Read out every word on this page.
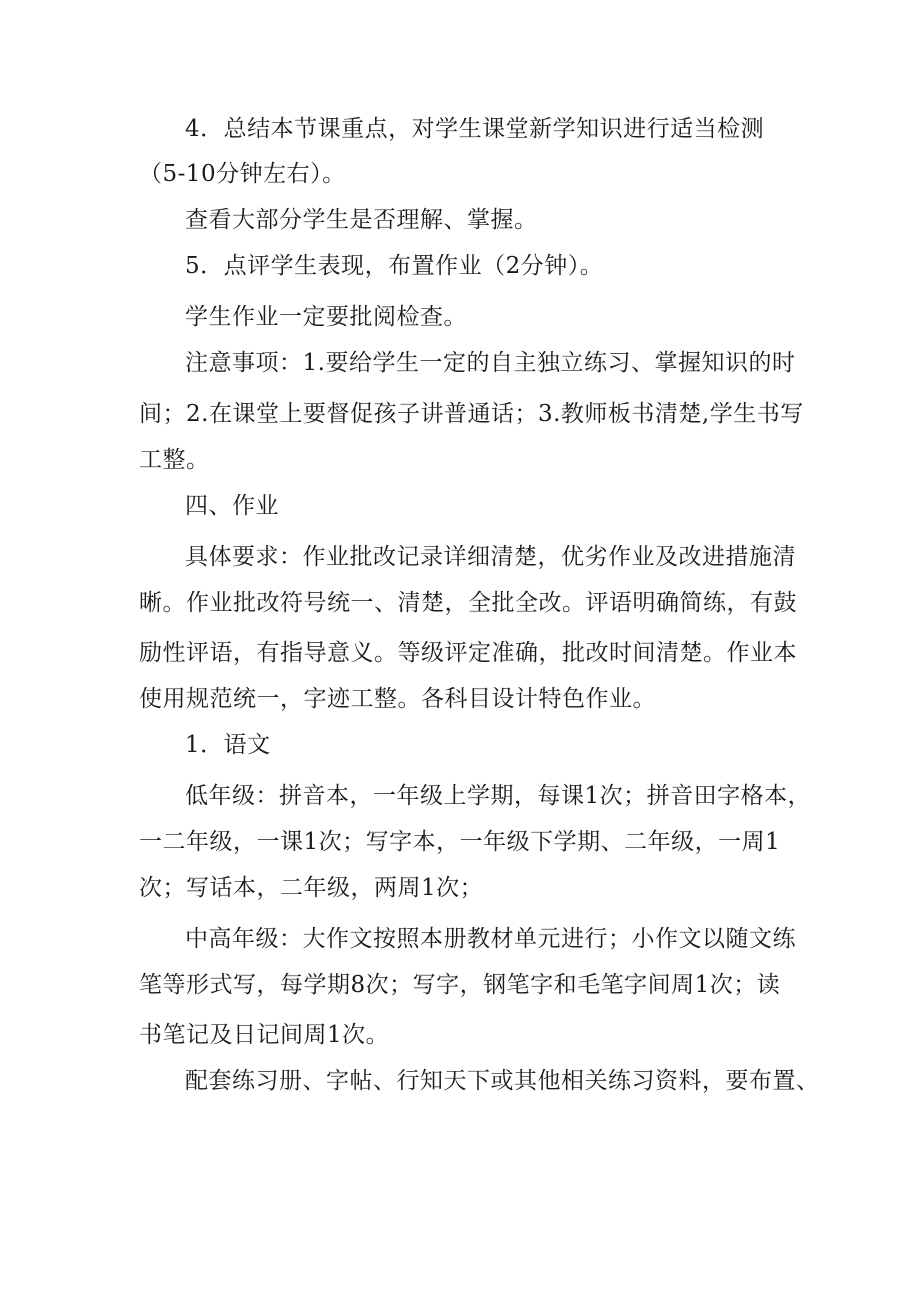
4．总结本节课重点，对学生课堂新学知识进行适当检测
（5-10分钟左右）。
查看大部分学生是否理解、掌握。
5．点评学生表现，布置作业（2分钟）。
学生作业一定要批阅检查。
注意事项：1.要给学生一定的自主独立练习、掌握知识的时
间；2.在课堂上要督促孩子讲普通话；3.教师板书清楚,学生书写
工整。
四、作业
具体要求：作业批改记录详细清楚，优劣作业及改进措施清
晰。作业批改符号统一、清楚，全批全改。评语明确简练，有鼓
励性评语，有指导意义。等级评定准确，批改时间清楚。作业本
使用规范统一，字迹工整。各科目设计特色作业。
1．语文
低年级：拼音本，一年级上学期，每课1次；拼音田字格本，
一二年级，一课1次；写字本，一年级下学期、二年级，一周1
次；写话本，二年级，两周1次；
中高年级：大作文按照本册教材单元进行；小作文以随文练
笔等形式写，每学期8次；写字，钢笔字和毛笔字间周1次；读
书笔记及日记间周1次。
配套练习册、字帖、行知天下或其他相关练习资料，要布置、
